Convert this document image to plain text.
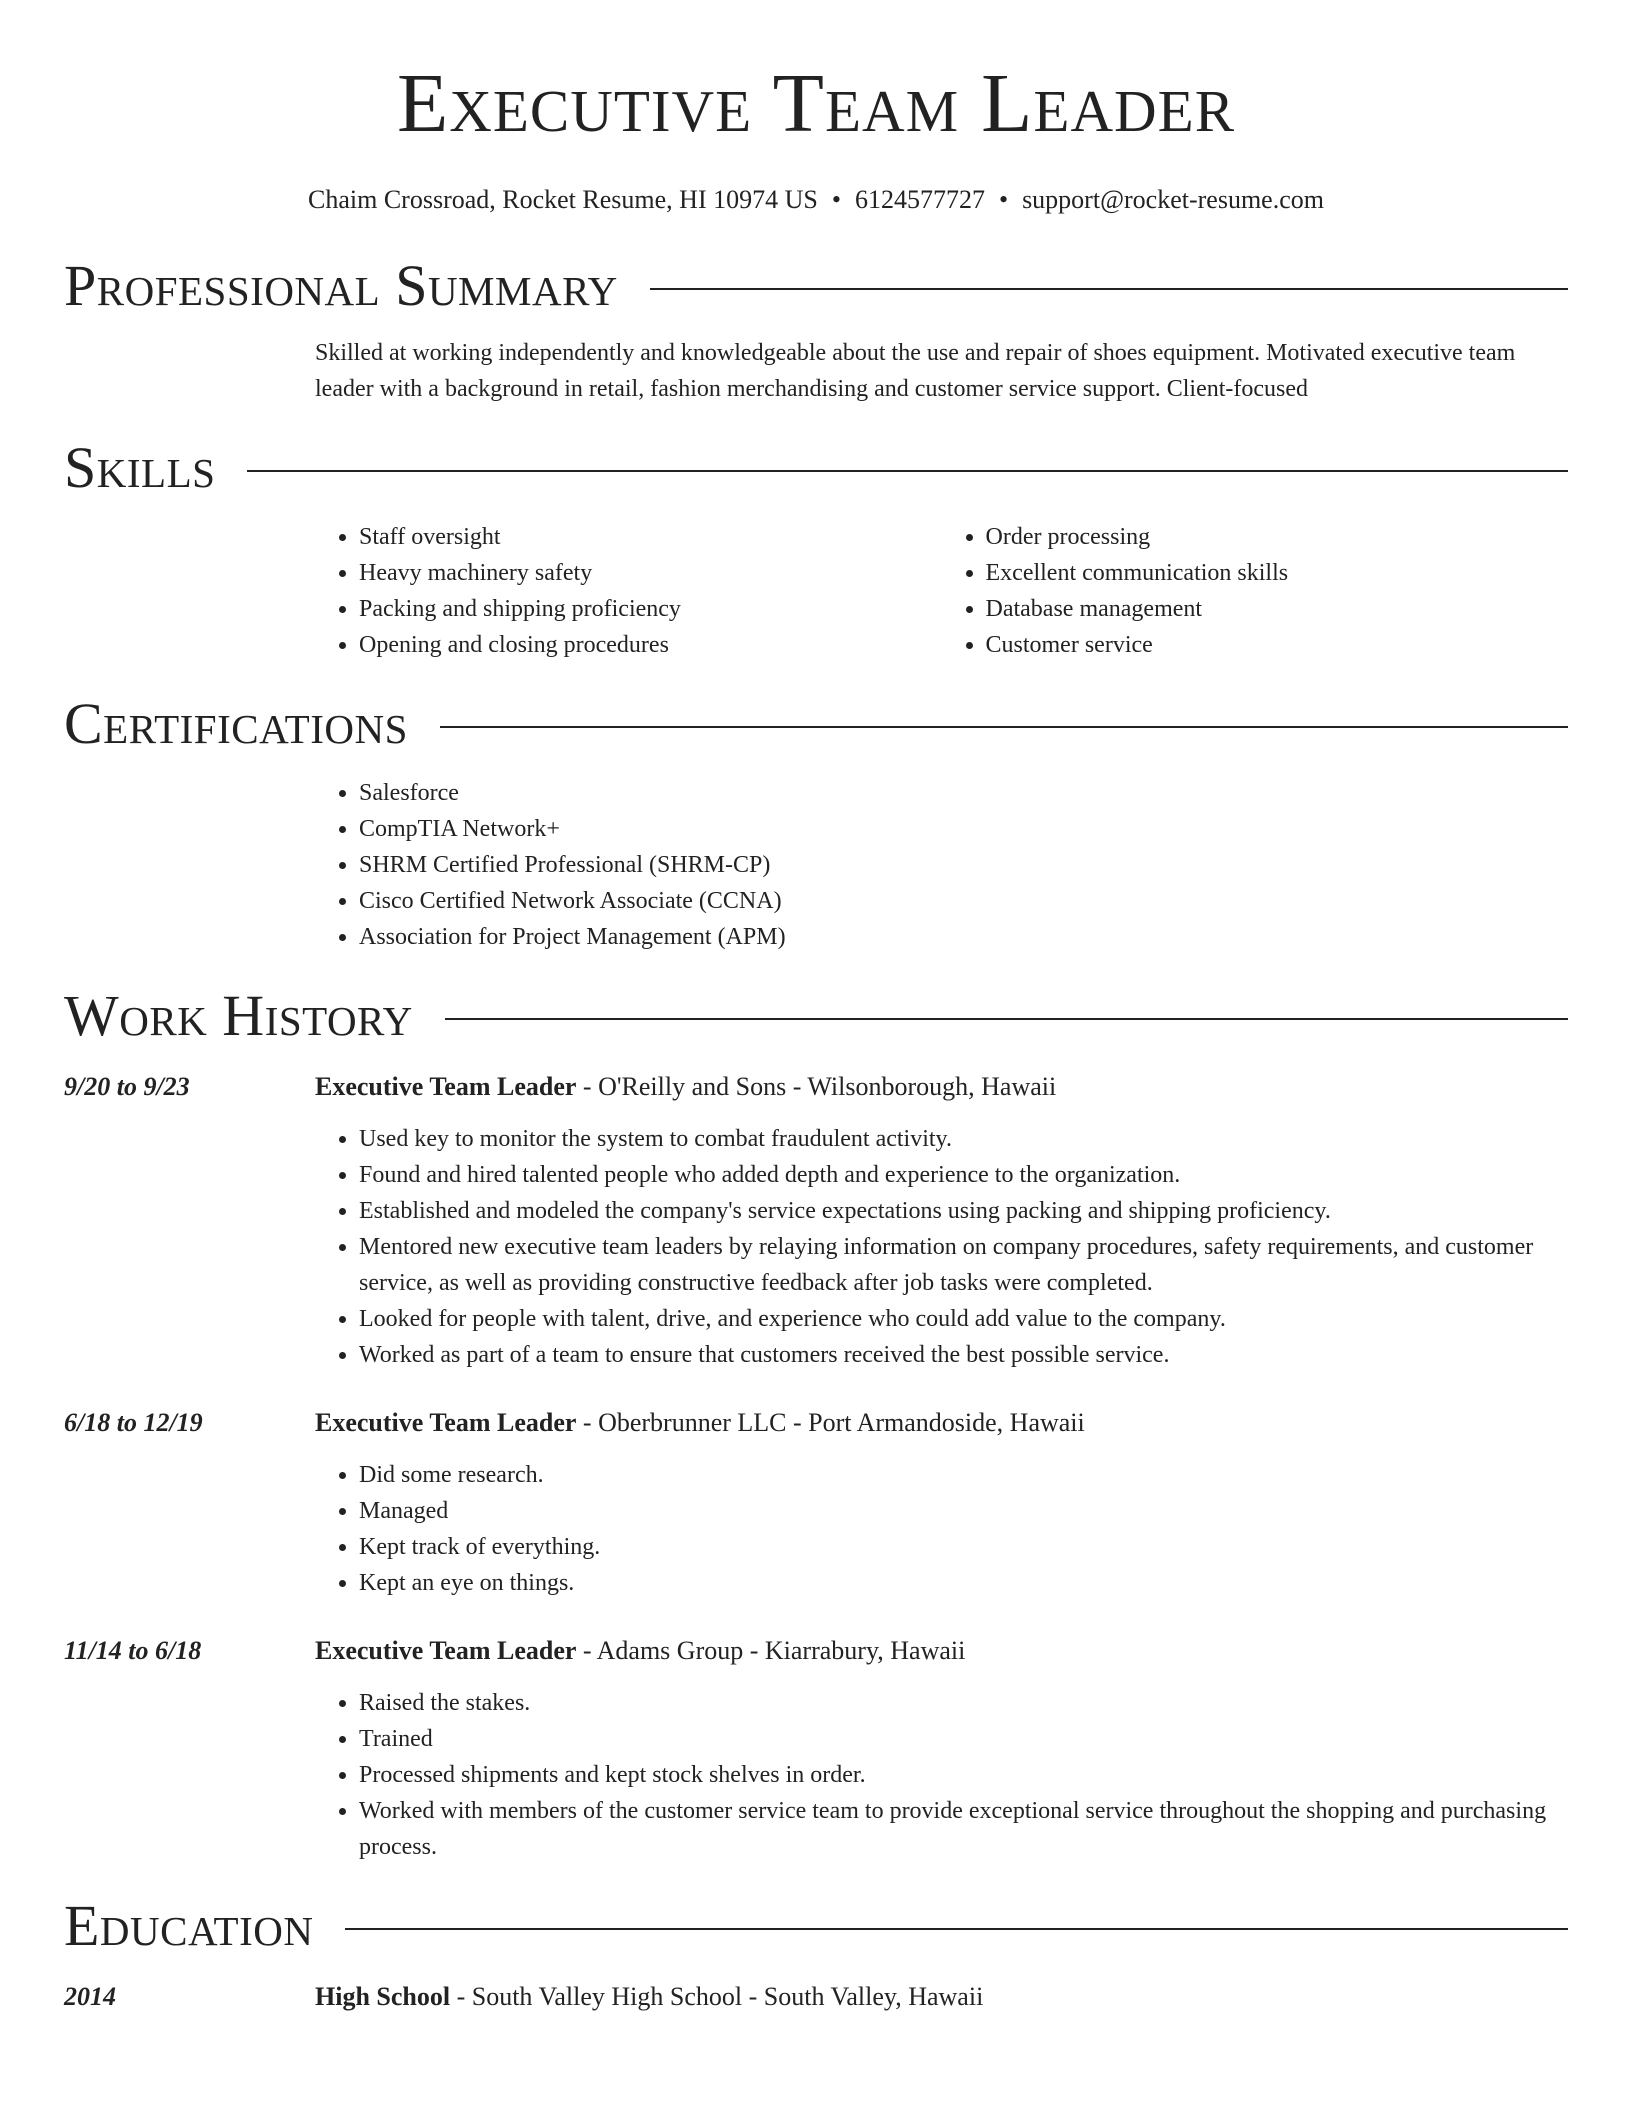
Executive Team Leader
Chaim Crossroad, Rocket Resume, HI 10974 US • 6124577727 • support@rocket-resume.com
Professional Summary

Skilled at working independently and knowledgeable about the use and repair of shoes equipment. Motivated executive team leader with a background in retail, fashion merchandising and customer service support. Client-focused

Skills
• Staff oversight
• Heavy machinery safety
• Packing and shipping proficiency
• Opening and closing procedures
• Order processing
• Excellent communication skills
• Database management
• Customer service
Certifications
• Salesforce
• CompTIA Network+
• SHRM Certified Professional (SHRM-CP)
• Cisco Certified Network Associate (CCNA)
• Association for Project Management (APM)
Work History
9/20 to 9/23	Executive Team Leader - O'Reilly and Sons - Wilsonborough, Hawaii
• Used key to monitor the system to combat fraudulent activity.
• Found and hired talented people who added depth and experience to the organization.
• Established and modeled the company's service expectations using packing and shipping proficiency.
• Mentored new executive team leaders by relaying information on company procedures, safety requirements, and customer service, as well as providing constructive feedback after job tasks were completed.
• Looked for people with talent, drive, and experience who could add value to the company.
• Worked as part of a team to ensure that customers received the best possible service.
6/18 to 12/19	Executive Team Leader - Oberbrunner LLC - Port Armandoside, Hawaii
• Did some research.
• Managed
• Kept track of everything.
• Kept an eye on things.
11/14 to 6/18	Executive Team Leader - Adams Group - Kiarrabury, Hawaii
• Raised the stakes.
• Trained
• Processed shipments and kept stock shelves in order.
• Worked with members of the customer service team to provide exceptional service throughout the shopping and purchasing process.
Education
2014	High School - South Valley High School - South Valley, Hawaii
